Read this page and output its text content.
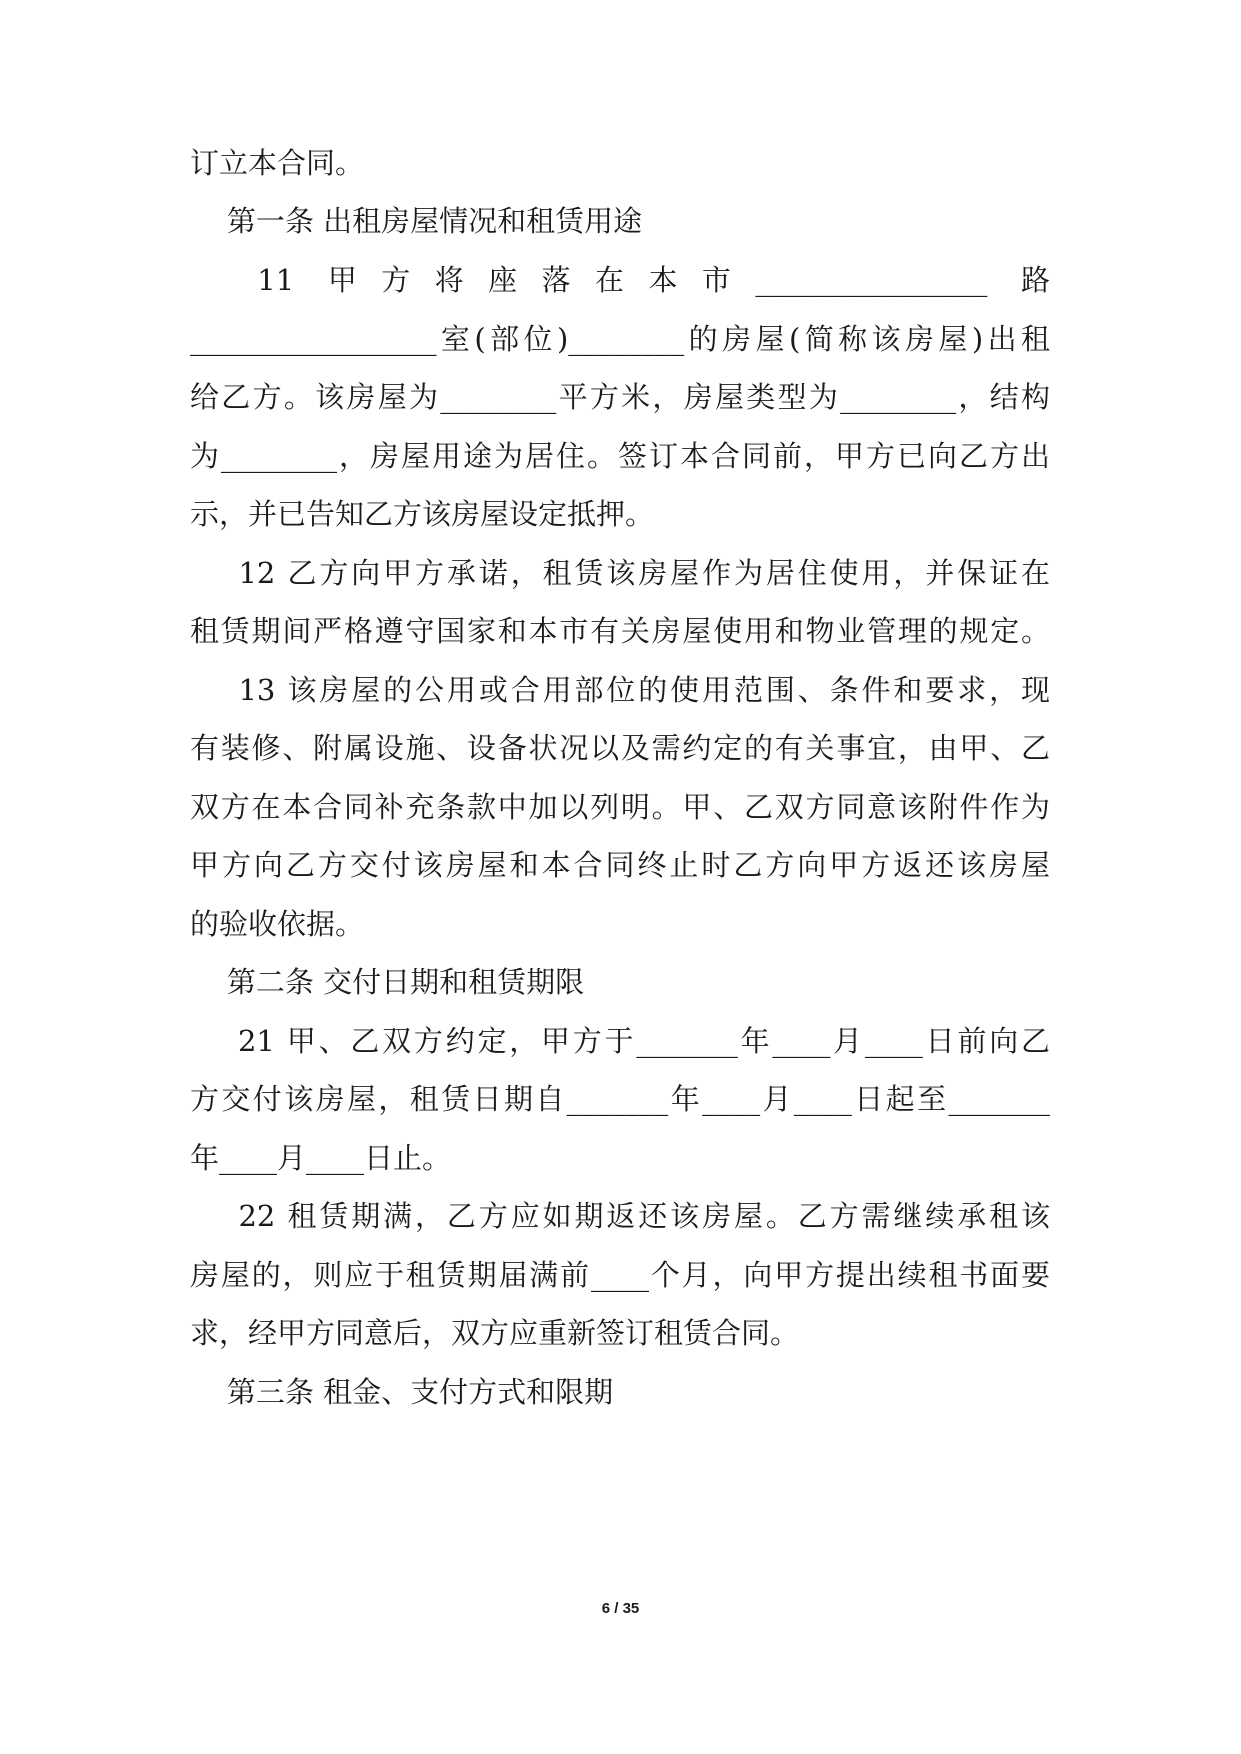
订立本合同。
第一条 出租房屋情况和租赁用途
11  甲 方 将 座 落 在 本 市 ________________  路
_________________室(部位)________的房屋(简称该房屋)出租
给乙方。该房屋为________平方米，房屋类型为________，结构
为________，房屋用途为居住。签订本合同前，甲方已向乙方出
示，并已告知乙方该房屋设定抵押。
12 乙方向甲方承诺，租赁该房屋作为居住使用，并保证在
租赁期间严格遵守国家和本市有关房屋使用和物业管理的规定。
13 该房屋的公用或合用部位的使用范围、条件和要求，现
有装修、附属设施、设备状况以及需约定的有关事宜，由甲、乙
双方在本合同补充条款中加以列明。甲、乙双方同意该附件作为
甲方向乙方交付该房屋和本合同终止时乙方向甲方返还该房屋
的验收依据。
第二条 交付日期和租赁期限
21 甲、乙双方约定，甲方于_______年____月____日前向乙
方交付该房屋，租赁日期自_______年____月____日起至_______
年____月____日止。
22 租赁期满，乙方应如期返还该房屋。乙方需继续承租该
房屋的，则应于租赁期届满前____个月，向甲方提出续租书面要
求，经甲方同意后，双方应重新签订租赁合同。
第三条 租金、支付方式和限期
6 / 35
